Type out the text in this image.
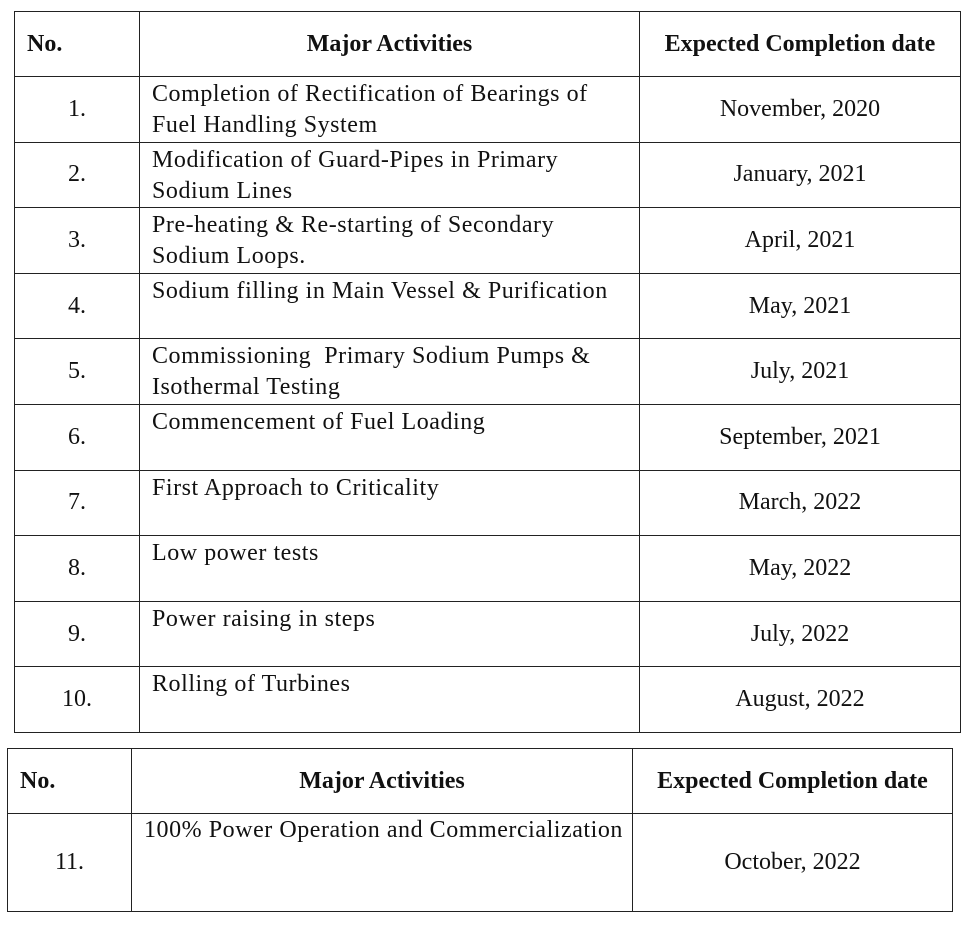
No.	Major Activities	Expected Completion date
1.	Completion of Rectification of Bearings of Fuel Handling System	November, 2020
2.	Modification of Guard-Pipes in Primary Sodium Lines	January, 2021
3.	Pre-heating & Re-starting of Secondary Sodium Loops.	April, 2021
4.	Sodium filling in Main Vessel & Purification	May, 2021
5.	Commissioning  Primary Sodium Pumps & Isothermal Testing	July, 2021
6.	Commencement of Fuel Loading	September, 2021
7.	First Approach to Criticality	March, 2022
8.	Low power tests	May, 2022
9.	Power raising in steps	July, 2022
10.	Rolling of Turbines	August, 2022
No.	Major Activities	Expected Completion date
11.	100% Power Operation and Commercialization	October, 2022
